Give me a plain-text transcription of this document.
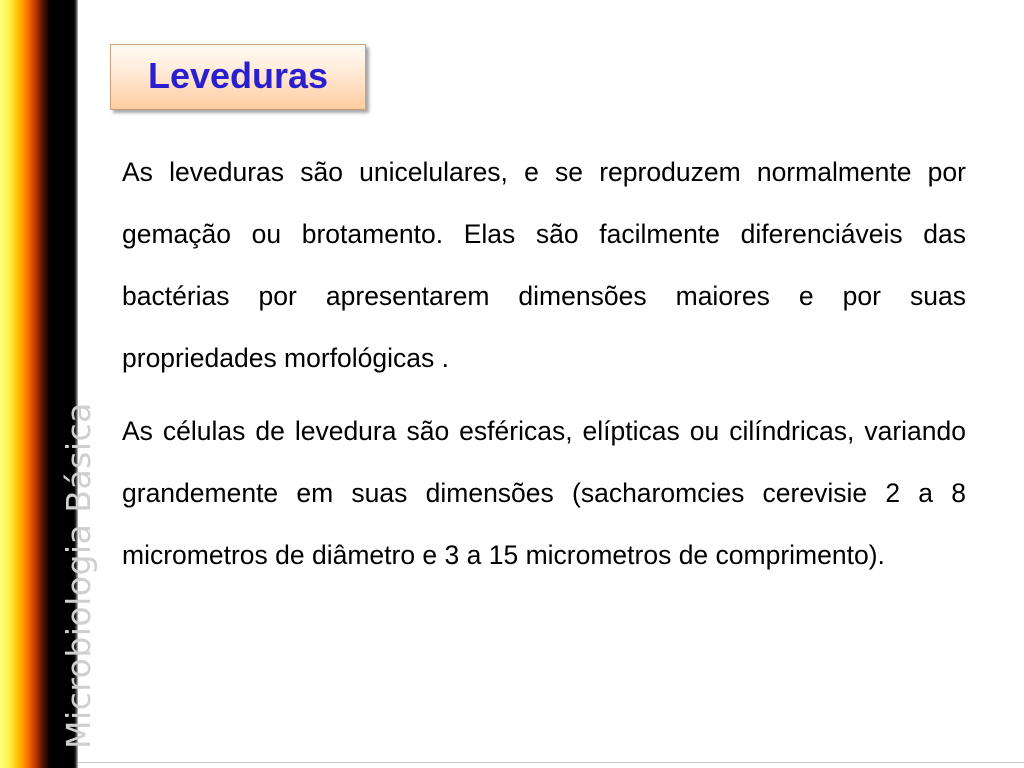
Microbiologia Básica
Leveduras

As leveduras são unicelulares, e se reproduzem normalmente por gemação ou brotamento. Elas são facilmente diferenciáveis das bactérias por apresentarem dimensões maiores e por suas propriedades morfológicas .

As células de levedura são esféricas, elípticas ou cilíndricas, variando grandemente em suas dimensões (sacharomcies cerevisie 2 a 8 micrometros de diâmetro e 3 a 15 micrometros de comprimento).
